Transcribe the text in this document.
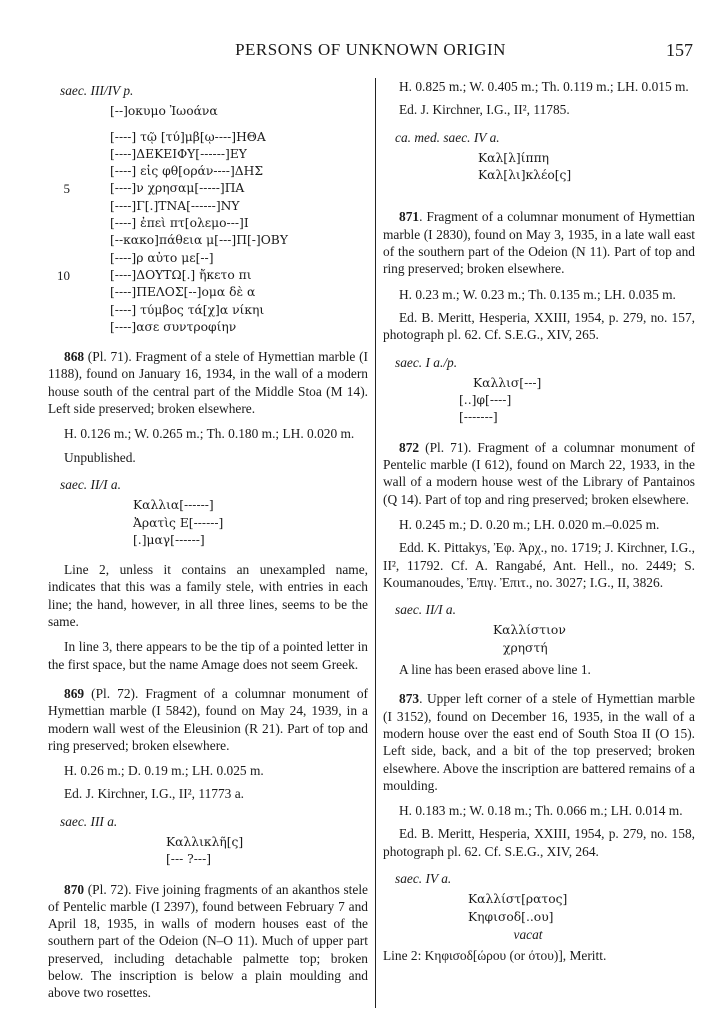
PERSONS OF UNKNOWN ORIGIN	157
saec. III/IV p.
[--]οκυμο Ἰωοάνα
[----] τῷ [τύ]μβ[ῳ----]ΗΘΑ
[----]ΔΕΚΕΙΦΥ[------]ΕΥ
[----] εἰς φθ[οράν----]ΔΗΣ
5	[----]ν χρησαμ[-----]ΠΑ
[----]Γ[.]ΤΝΑ[------]ΝΥ
[----] ἐπεὶ πτ[ολεμο---]Ι
[--κακο]πάθεια μ[---]Π[-]ΟΒΥ
[----]ρ αὐτο με[--]
10	[----]ΔΟΥΤΩ[.] ἤκετο πι
[----]ΠΕΛΟΣ[--]ομα δὲ α
[----] τύμβος τά[χ]α νίκηι
[----]ασε συντροφίην

868 (Pl. 71). Fragment of a stele of Hymettian marble (I 1188), found on January 16, 1934, in the wall of a modern house south of the central part of the Middle Stoa (M 14). Left side preserved; broken elsewhere.

H. 0.126 m.; W. 0.265 m.; Th. 0.180 m.; LH. 0.020 m.

Unpublished.

saec. II/I a.
Καλλια[------]
Ἀρατὶς Ε[------]
[.]μαγ[------]

Line 2, unless it contains an unexampled name, indicates that this was a family stele, with entries in each line; the hand, however, in all three lines, seems to be the same.

In line 3, there appears to be the tip of a pointed letter in the first space, but the name Amage does not seem Greek.

869 (Pl. 72). Fragment of a columnar monument of Hymettian marble (I 5842), found on May 24, 1939, in a modern wall west of the Eleusinion (R 21). Part of top and ring preserved; broken elsewhere.

H. 0.26 m.; D. 0.19 m.; LH. 0.025 m.

Ed. J. Kirchner, I.G., II², 11773 a.

saec. III a.
Καλλικλῆ[ς]
[--- ?---]

870 (Pl. 72). Five joining fragments of an akanthos stele of Pentelic marble (I 2397), found between February 7 and April 18, 1935, in walls of modern houses east of the southern part of the Odeion (N–O 11). Much of upper part preserved, including detachable palmette top; broken below. The inscription is below a plain moulding and above two rosettes.

H. 0.825 m.; W. 0.405 m.; Th. 0.119 m.; LH. 0.015 m.

Ed. J. Kirchner, I.G., II², 11785.

ca. med. saec. IV a.
Καλ[λ]ίππη
Καλ[λι]κλέο[ς]

871. Fragment of a columnar monument of Hymettian marble (I 2830), found on May 3, 1935, in a late wall east of the southern part of the Odeion (N 11). Part of top and ring preserved; broken elsewhere.

H. 0.23 m.; W. 0.23 m.; Th. 0.135 m.; LH. 0.035 m.

Ed. B. Meritt, Hesperia, XXIII, 1954, p. 279, no. 157, photograph pl. 62. Cf. S.E.G., XIV, 265.

saec. I a./p.
Καλλισ[---]
[..]φ[----]
[-------]

872 (Pl. 71). Fragment of a columnar monument of Pentelic marble (I 612), found on March 22, 1933, in the wall of a modern house west of the Library of Pantainos (Q 14). Part of top and ring preserved; broken elsewhere.

H. 0.245 m.; D. 0.20 m.; LH. 0.020 m.–0.025 m.

Edd. K. Pittakys, Ἐφ. Ἀρχ., no. 1719; J. Kirchner, I.G., II², 11792. Cf. A. Rangabé, Ant. Hell., no. 2449; S. Koumanoudes, Ἐπιγ. Ἐπιτ., no. 3027; I.G., II, 3826.

saec. II/I a.
Καλλίστιον
χρηστή

A line has been erased above line 1.

873. Upper left corner of a stele of Hymettian marble (I 3152), found on December 16, 1935, in the wall of a modern house over the east end of South Stoa II (O 15). Left side, back, and a bit of the top preserved; broken elsewhere. Above the inscription are battered remains of a moulding.

H. 0.183 m.; W. 0.18 m.; Th. 0.066 m.; LH. 0.014 m.

Ed. B. Meritt, Hesperia, XXIII, 1954, p. 279, no. 158, photograph pl. 62. Cf. S.E.G., XIV, 264.

saec. IV a.
Καλλίστ[ρατος]
Κηφισοδ[..ου]
vacat

Line 2: Κηφισοδ[ώρου (or ότου)], Meritt.
